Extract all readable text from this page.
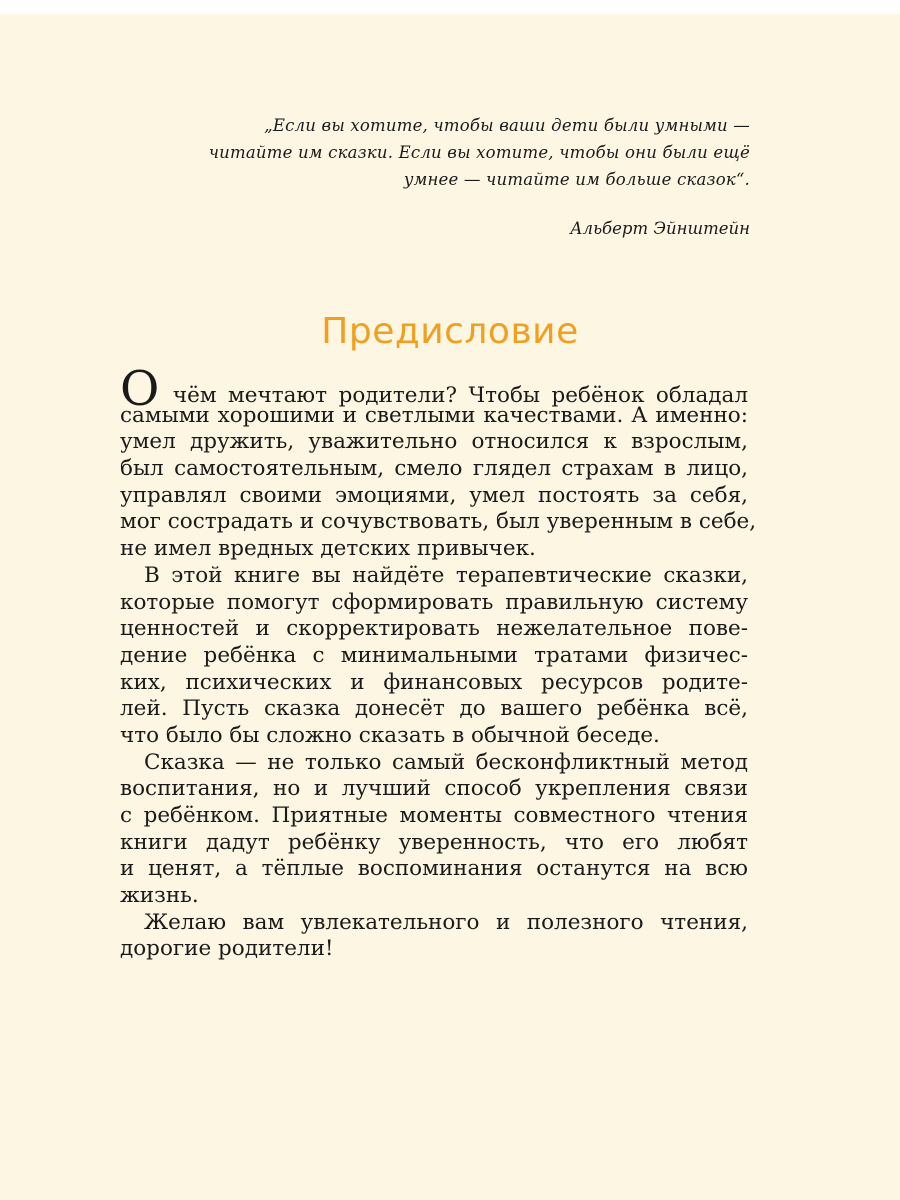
„Если вы хотите, чтобы ваши дети были умными —
читайте им сказки. Если вы хотите, чтобы они были ещё
умнее — читайте им больше сказок“.
Альберт Эйнштейн
Предисловие
О чём мечтают родители? Чтобы ребёнок обладал
самыми хорошими и светлыми качествами. А именно:
умел дружить, уважительно относился к взрослым,
был самостоятельным, смело глядел страхам в лицо,
управлял своими эмоциями, умел постоять за себя,
мог сострадать и сочувствовать, был уверенным в себе,
не имел вредных детских привычек.
В этой книге вы найдёте терапевтические сказки,
которые помогут сформировать правильную систему
ценностей и скорректировать нежелательное пове-
дение ребёнка с минимальными тратами физичес-
ких, психических и финансовых ресурсов родите-
лей. Пусть сказка донесёт до вашего ребёнка всё,
что было бы сложно сказать в обычной беседе.
Сказка — не только самый бесконфликтный метод
воспитания, но и лучший способ укрепления связи
с ребёнком. Приятные моменты совместного чтения
книги дадут ребёнку уверенность, что его любят
и ценят, а тёплые воспоминания останутся на всю
жизнь.
Желаю вам увлекательного и полезного чтения,
дорогие родители!
